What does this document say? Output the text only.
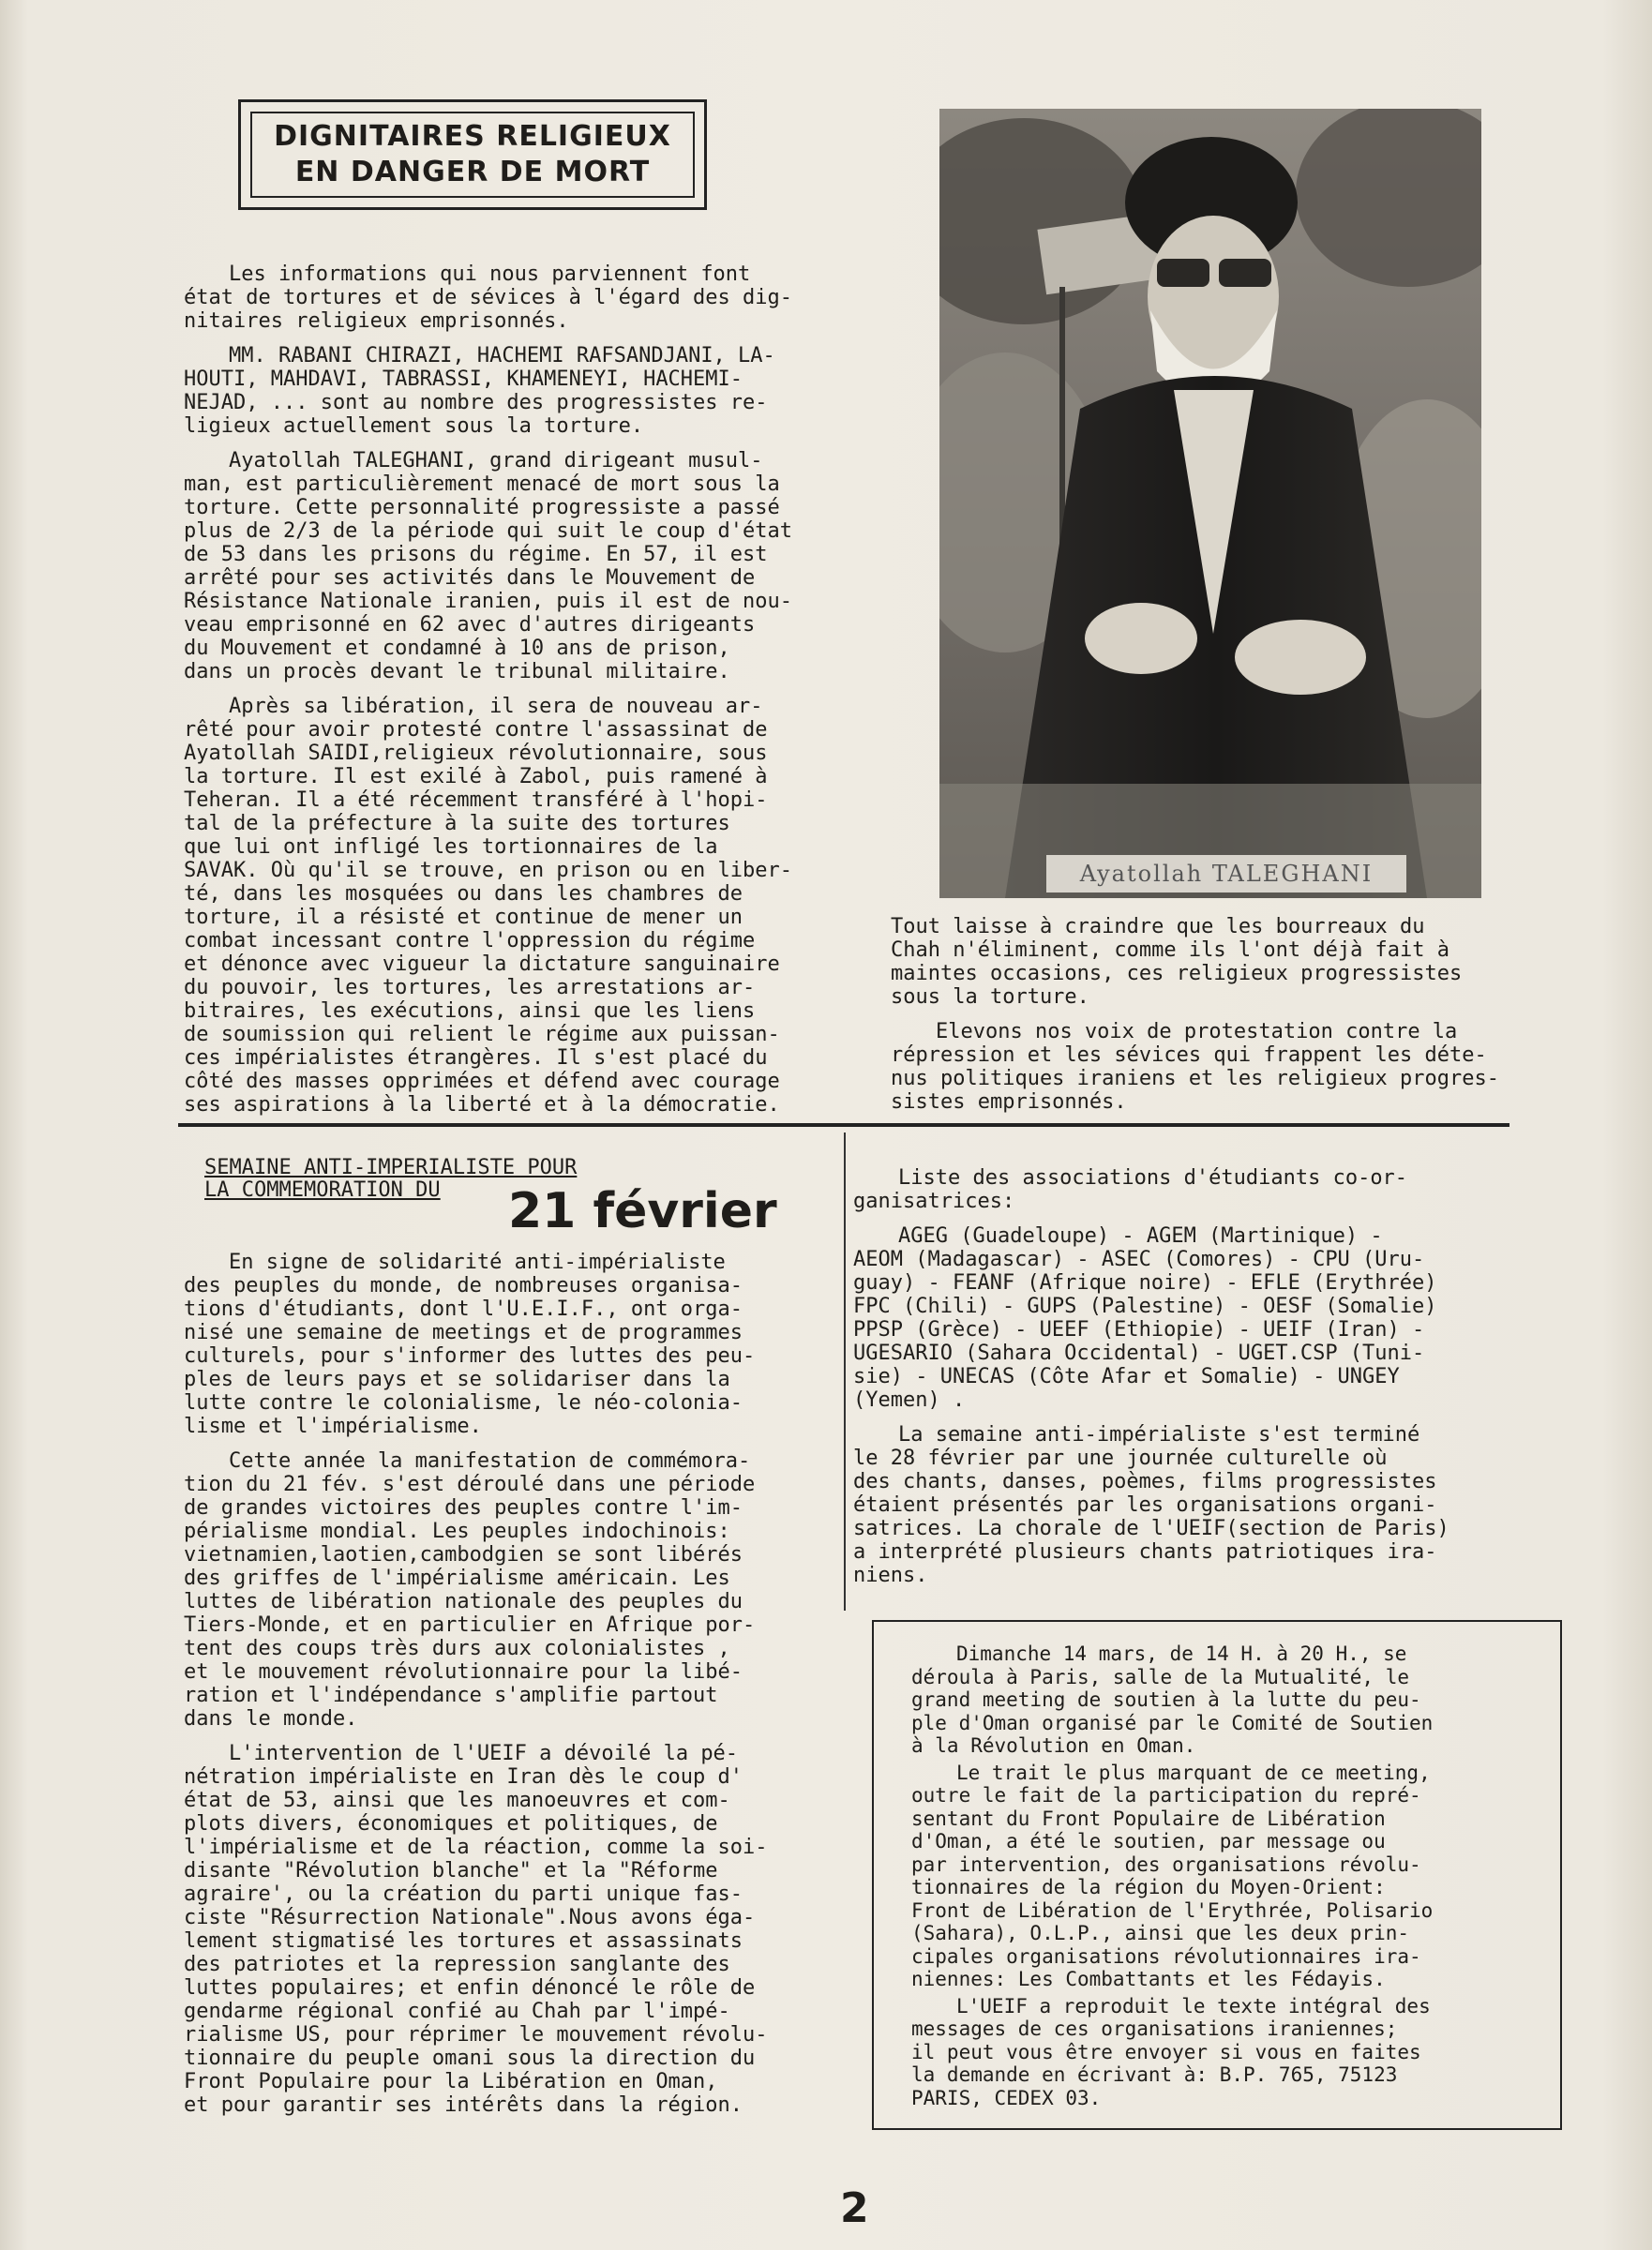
DIGNITAIRES RELIGIEUX
EN DANGER DE MORT

Les informations qui nous parviennent font
état de tortures et de sévices à l'égard des dig-
nitaires religieux emprisonnés.

MM. RABANI CHIRAZI, HACHEMI RAFSANDJANI, LA-
HOUTI, MAHDAVI, TABRASSI, KHAMENEYI, HACHEMI-
NEJAD, ... sont au nombre des progressistes re-
ligieux actuellement sous la torture.

Ayatollah TALEGHANI, grand dirigeant musul-
man, est particulièrement menacé de mort sous la
torture. Cette personnalité progressiste a passé
plus de 2/3 de la période qui suit le coup d'état
de 53 dans les prisons du régime. En 57, il est
arrêté pour ses activités dans le Mouvement de
Résistance Nationale iranien, puis il est de nou-
veau emprisonné en 62 avec d'autres dirigeants
du Mouvement et condamné à 10 ans de prison,
dans un procès devant le tribunal militaire.

Après sa libération, il sera de nouveau ar-
rêté pour avoir protesté contre l'assassinat de
Ayatollah SAIDI,religieux révolutionnaire, sous
la torture. Il est exilé à Zabol, puis ramené à
Teheran. Il a été récemment transféré à l'hopi-
tal de la préfecture à la suite des tortures
que lui ont infligé les tortionnaires de la
SAVAK. Où qu'il se trouve, en prison ou en liber-
té, dans les mosquées ou dans les chambres de
torture, il a résisté et continue de mener un
combat incessant contre l'oppression du régime
et dénonce avec vigueur la dictature sanguinaire
du pouvoir, les tortures, les arrestations ar-
bitraires, les exécutions, ainsi que les liens
de soumission qui relient le régime aux puissan-
ces impérialistes étrangères. Il s'est placé du
côté des masses opprimées et défend avec courage
ses aspirations à la liberté et à la démocratie.

Ayatollah TALEGHANI

Tout laisse à craindre que les bourreaux du
Chah n'éliminent, comme ils l'ont déjà fait à
maintes occasions, ces religieux progressistes
sous la torture.

Elevons nos voix de protestation contre la
répression et les sévices qui frappent les déte-
nus politiques iraniens et les religieux progres-
sistes emprisonnés.

SEMAINE ANTI-IMPERIALISTE POUR
LA COMMEMORATION DU	21 février

En signe de solidarité anti-impérialiste
des peuples du monde, de nombreuses organisa-
tions d'étudiants, dont l'U.E.I.F., ont orga-
nisé une semaine de meetings et de programmes
culturels, pour s'informer des luttes des peu-
ples de leurs pays et se solidariser dans la
lutte contre le colonialisme, le néo-colonia-
lisme et l'impérialisme.

Cette année la manifestation de commémora-
tion du 21 fév. s'est déroulé dans une période
de grandes victoires des peuples contre l'im-
périalisme mondial. Les peuples indochinois:
vietnamien,laotien,cambodgien se sont libérés
des griffes de l'impérialisme américain. Les
luttes de libération nationale des peuples du
Tiers-Monde, et en particulier en Afrique por-
tent des coups très durs aux colonialistes ,
et le mouvement révolutionnaire pour la libé-
ration et l'indépendance s'amplifie partout
dans le monde.

L'intervention de l'UEIF a dévoilé la pé-
nétration impérialiste en Iran dès le coup d'
état de 53, ainsi que les manoeuvres et com-
plots divers, économiques et politiques, de
l'impérialisme et de la réaction, comme la soi-
disante "Révolution blanche" et la "Réforme
agraire', ou la création du parti unique fas-
ciste "Résurrection Nationale".Nous avons éga-
lement stigmatisé les tortures et assassinats
des patriotes et la repression sanglante des
luttes populaires; et enfin dénoncé le rôle de
gendarme régional confié au Chah par l'impé-
rialisme US, pour réprimer le mouvement révolu-
tionnaire du peuple omani sous la direction du
Front Populaire pour la Libération en Oman,
et pour garantir ses intérêts dans la région.

Liste des associations d'étudiants co-or-
ganisatrices:

AGEG (Guadeloupe) - AGEM (Martinique) -
AEOM (Madagascar) - ASEC (Comores) - CPU (Uru-
guay) - FEANF (Afrique noire) - EFLE (Erythrée)
FPC (Chili) - GUPS (Palestine) - OESF (Somalie)
PPSP (Grèce) - UEEF (Ethiopie) - UEIF (Iran) -
UGESARIO (Sahara Occidental) - UGET.CSP (Tuni-
sie) - UNECAS (Côte Afar et Somalie) - UNGEY
(Yemen) .

La semaine anti-impérialiste s'est terminé
le 28 février par une journée culturelle où
des chants, danses, poèmes, films progressistes
étaient présentés par les organisations organi-
satrices. La chorale de l'UEIF(section de Paris)
a interprété plusieurs chants patriotiques ira-
niens.

Dimanche 14 mars, de 14 H. à 20 H., se
déroula à Paris, salle de la Mutualité, le
grand meeting de soutien à la lutte du peu-
ple d'Oman organisé par le Comité de Soutien
à la Révolution en Oman.

Le trait le plus marquant de ce meeting,
outre le fait de la participation du repré-
sentant du Front Populaire de Libération
d'Oman, a été le soutien, par message ou
par intervention, des organisations révolu-
tionnaires de la région du Moyen-Orient:
Front de Libération de l'Erythrée, Polisario
(Sahara), O.L.P., ainsi que les deux prin-
cipales organisations révolutionnaires ira-
niennes: Les Combattants et les Fédayis.

L'UEIF a reproduit le texte intégral des
messages de ces organisations iraniennes;
il peut vous être envoyer si vous en faites
la demande en écrivant à: B.P. 765, 75123
PARIS, CEDEX 03.

2
